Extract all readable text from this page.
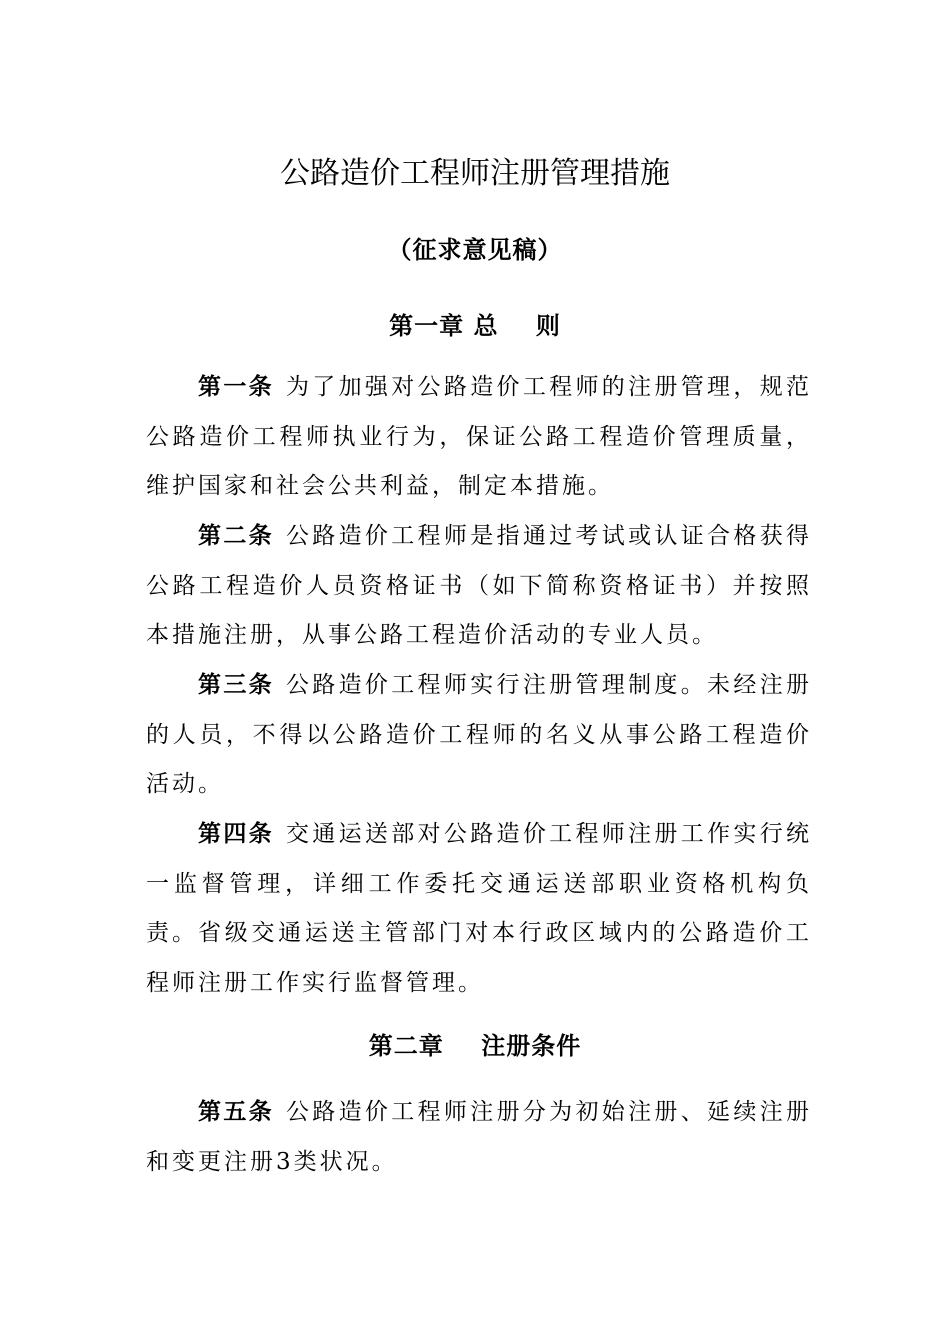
公路造价工程师注册管理措施
（征求意见稿）
第一章 总    则
第一条 为了加强对公路造价工程师的注册管理，规范公路造价工程师执业行为，保证公路工程造价管理质量，维护国家和社会公共利益，制定本措施。
第二条 公路造价工程师是指通过考试或认证合格获得公路工程造价人员资格证书（如下简称资格证书）并按照本措施注册，从事公路工程造价活动的专业人员。
第三条 公路造价工程师实行注册管理制度。未经注册的人员，不得以公路造价工程师的名义从事公路工程造价活动。
第四条 交通运送部对公路造价工程师注册工作实行统一监督管理，详细工作委托交通运送部职业资格机构负责。 省级交通运送主管部门对本行政区域内的公路造价工程师注册工作实行监督管理。
第二章    注册条件
第五条 公路造价工程师注册分为初始注册、延续注册和变更注册3类状况。
